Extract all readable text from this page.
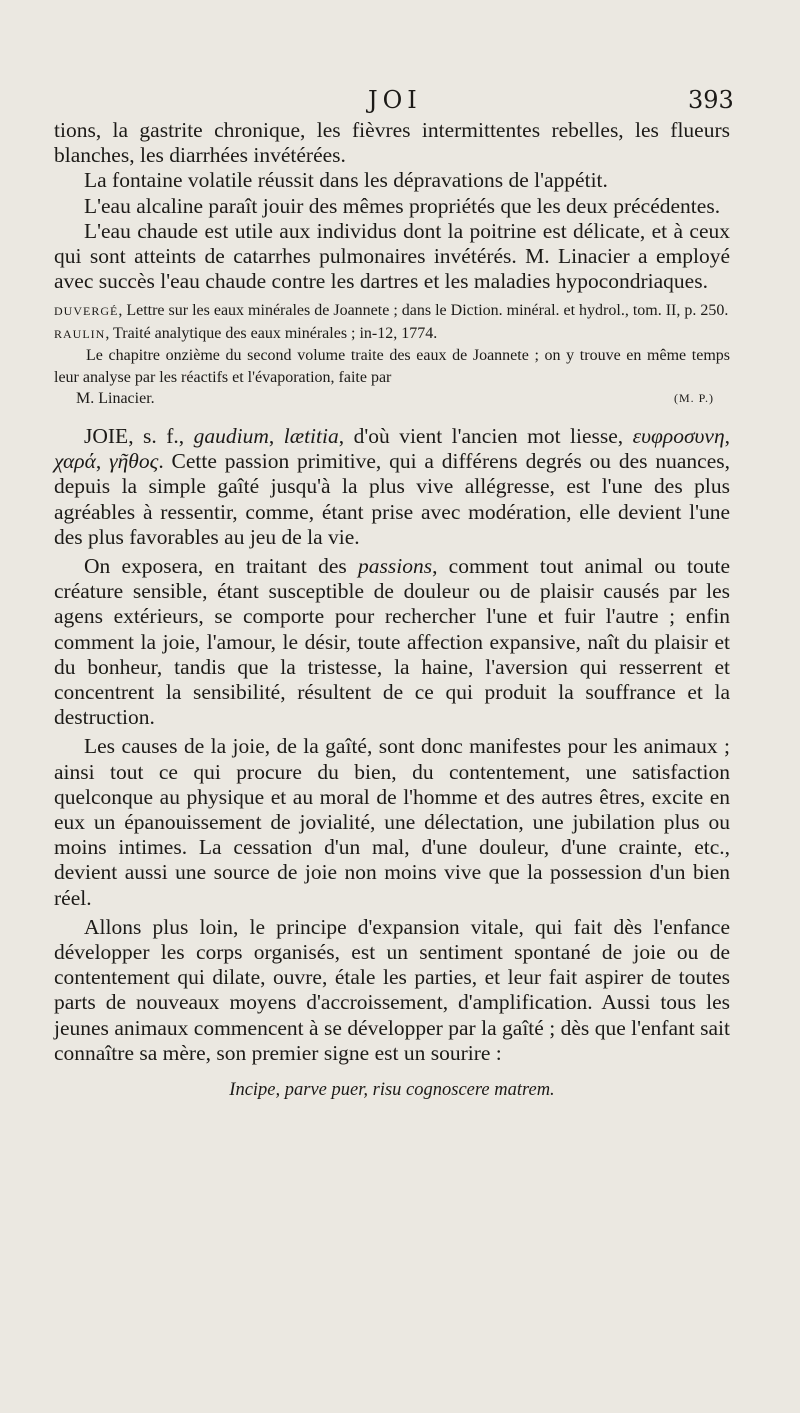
JOI	393

tions, la gastrite chronique, les fièvres intermittentes rebelles, les flueurs blanches, les diarrhées invétérées.

La fontaine volatile réussit dans les dépravations de l'appétit.

L'eau alcaline paraît jouir des mêmes propriétés que les deux précédentes.

L'eau chaude est utile aux individus dont la poitrine est délicate, et à ceux qui sont atteints de catarrhes pulmonaires invétérés. M. Linacier a employé avec succès l'eau chaude contre les dartres et les maladies hypocondriaques.

DUVERGÉ, Lettre sur les eaux minérales de Joannete ; dans le Diction. minéral. et hydrol., tom. II, p. 250.

RAULIN, Traité analytique des eaux minérales ; in-12, 1774.

Le chapitre onzième du second volume traite des eaux de Joannete ; on y trouve en même temps leur analyse par les réactifs et l'évaporation, faite par

M. Linacier.	(M. P.)

JOIE, s. f., gaudium, lætitia, d'où vient l'ancien mot liesse, ευφροσυνη, χαρά, γῆθος. Cette passion primitive, qui a différens degrés ou des nuances, depuis la simple gaîté jusqu'à la plus vive allégresse, est l'une des plus agréables à ressentir, comme, étant prise avec modération, elle devient l'une des plus favorables au jeu de la vie.

On exposera, en traitant des passions, comment tout animal ou toute créature sensible, étant susceptible de douleur ou de plaisir causés par les agens extérieurs, se comporte pour rechercher l'une et fuir l'autre ; enfin comment la joie, l'amour, le désir, toute affection expansive, naît du plaisir et du bonheur, tandis que la tristesse, la haine, l'aversion qui resserrent et concentrent la sensibilité, résultent de ce qui produit la souffrance et la destruction.

Les causes de la joie, de la gaîté, sont donc manifestes pour les animaux ; ainsi tout ce qui procure du bien, du contentement, une satisfaction quelconque au physique et au moral de l'homme et des autres êtres, excite en eux un épanouissement de jovialité, une délectation, une jubilation plus ou moins intimes. La cessation d'un mal, d'une douleur, d'une crainte, etc., devient aussi une source de joie non moins vive que la possession d'un bien réel.

Allons plus loin, le principe d'expansion vitale, qui fait dès l'enfance développer les corps organisés, est un sentiment spontané de joie ou de contentement qui dilate, ouvre, étale les parties, et leur fait aspirer de toutes parts de nouveaux moyens d'accroissement, d'amplification. Aussi tous les jeunes animaux commencent à se développer par la gaîté ; dès que l'enfant sait connaître sa mère, son premier signe est un sourire :

Incipe, parve puer, risu cognoscere matrem.
